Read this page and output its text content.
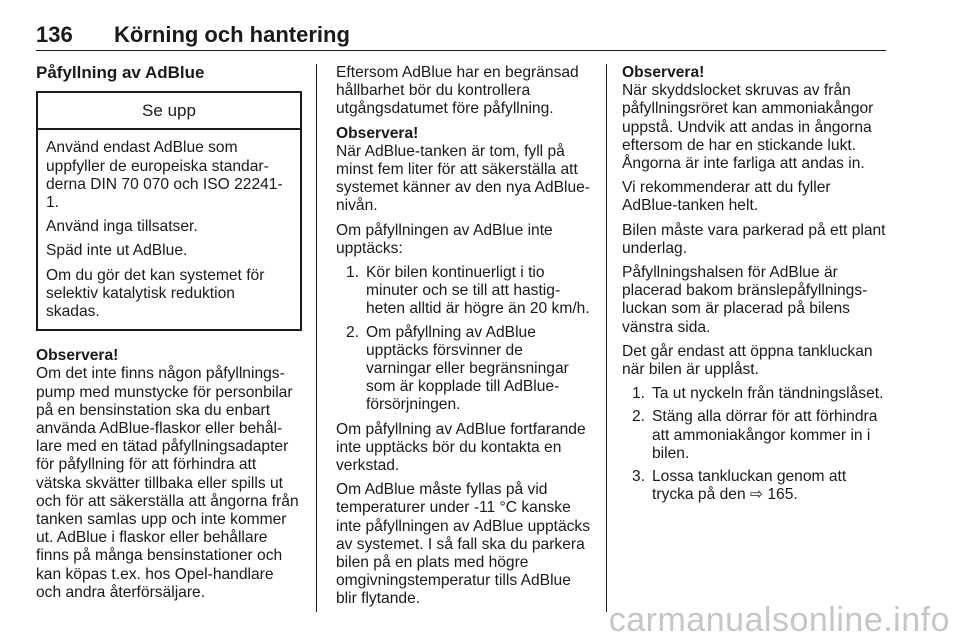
136 Körning och hantering
Påfyllning av AdBlue
Se upp

Använd endast AdBlue som uppfyller de europeiska standarderna DIN 70 070 och ISO 22241-1.

Använd inga tillsatser.

Späd inte ut AdBlue.

Om du gör det kan systemet för selektiv katalytisk reduktion skadas.

Observera!

Om det inte finns någon påfyllningspump med munstycke för personbilar på en bensinstation ska du enbart använda AdBlue-flaskor eller behållare med en tätad påfyllningsadapter för påfyllning för att förhindra att vätska skvätter tillbaka eller spills ut och för att säkerställa att ångorna från tanken samlas upp och inte kommer ut. AdBlue i flaskor eller behållare finns på många bensinstationer och kan köpas t.ex. hos Opel-handlare och andra återförsäljare.

Eftersom AdBlue har en begränsad hållbarhet bör du kontrollera utgångsdatumet före påfyllning.

Observera!

När AdBlue-tanken är tom, fyll på minst fem liter för att säkerställa att systemet känner av den nya AdBlue-nivån.

Om påfyllningen av AdBlue inte upptäcks:

1. Kör bilen kontinuerligt i tio minuter och se till att hastigheten alltid är högre än 20 km/h.
2. Om påfyllning av AdBlue upptäcks försvinner de varningar eller begränsningar som är kopplade till AdBlue-försörjningen.

Om påfyllning av AdBlue fortfarande inte upptäcks bör du kontakta en verkstad.

Om AdBlue måste fyllas på vid temperaturer under -11 °C kanske inte påfyllningen av AdBlue upptäcks av systemet. I så fall ska du parkera bilen på en plats med högre omgivningstemperatur tills AdBlue blir flytande.

Observera!

När skyddslocket skruvas av från påfyllningsröret kan ammoniakångor uppstå. Undvik att andas in ångorna eftersom de har en stickande lukt. Ångorna är inte farliga att andas in.

Vi rekommenderar att du fyller AdBlue-tanken helt.

Bilen måste vara parkerad på ett plant underlag.

Påfyllningshalsen för AdBlue är placerad bakom bränslepåfyllningsluckan som är placerad på bilens vänstra sida.

Det går endast att öppna tankluckan när bilen är upplåst.

1. Ta ut nyckeln från tändningslåset.
2. Stäng alla dörrar för att förhindra att ammoniakångor kommer in i bilen.
3. Lossa tankluckan genom att trycka på den ⇨ 165.
carmanualsonline.info
